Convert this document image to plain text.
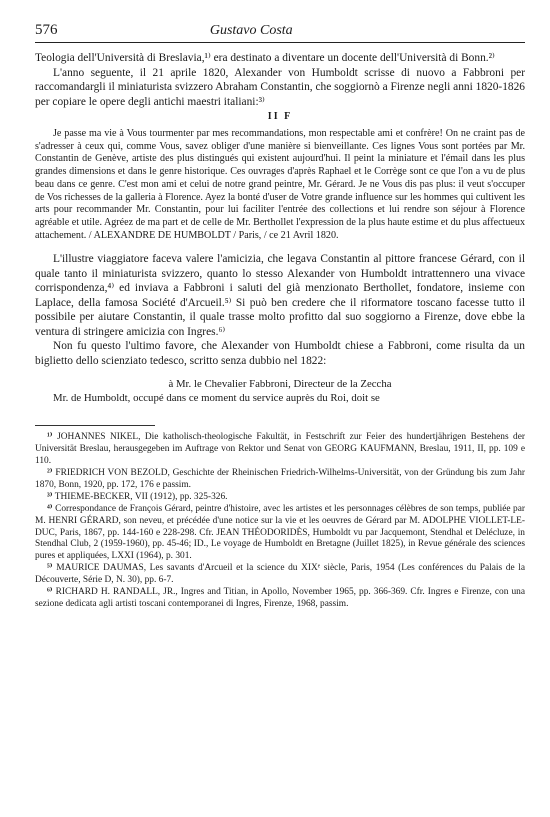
576	Gustavo Costa

Teologia dell'Università di Breslavia,¹⁾ era destinato a diventare un docente dell'Università di Bonn.²⁾

L'anno seguente, il 21 aprile 1820, Alexander von Humboldt scrisse di nuovo a Fabbroni per raccomandargli il miniaturista svizzero Abraham Constantin, che soggiornò a Firenze negli anni 1820-1826 per copiare le opere degli antichi maestri italiani:³⁾

II F

Je passe ma vie à Vous tourmenter par mes recommandations, mon respectable ami et confrère! On ne craint pas de s'adresser à ceux qui, comme Vous, savez obliger d'une manière si bienveillante. Ces lignes Vous sont portées par Mr. Constantin de Genève, artiste des plus distingués qui existent aujourd'hui. Il peint la miniature et l'émail dans les plus grandes dimensions et dans le genre historique. Ces ouvrages d'après Raphael et le Corrège sont ce que l'on a vu de plus beau dans ce genre. C'est mon ami et celui de notre grand peintre, Mr. Gérard. Je ne Vous dis pas plus: il veut s'occuper de Vos richesses de la galleria à Florence. Ayez la bonté d'user de Votre grande influence sur les hommes qui cultivent les arts pour recommander Mr. Constantin, pour lui faciliter l'entrée des collections et lui rendre son séjour à Florence agréable et utile. Agréez de ma part et de celle de Mr. Berthollet l'expression de la plus haute estime et du plus affectueux attachement. / ALEXANDRE DE HUMBOLDT / Paris, / ce 21 Avril 1820.

L'illustre viaggiatore faceva valere l'amicizia, che legava Constantin al pittore francese Gérard, con il quale tanto il miniaturista svizzero, quanto lo stesso Alexander von Humboldt intrattennero una vivace corrispondenza,⁴⁾ ed inviava a Fabbroni i saluti del già menzionato Berthollet, fondatore, insieme con Laplace, della famosa Société d'Arcueil.⁵⁾ Si può ben credere che il riformatore toscano facesse tutto il possibile per aiutare Constantin, il quale trasse molto profitto dal suo soggiorno a Firenze, dove ebbe la ventura di stringere amicizia con Ingres.⁶⁾

Non fu questo l'ultimo favore, che Alexander von Humboldt chiese a Fabbroni, come risulta da un biglietto dello scienziato tedesco, scritto senza dubbio nel 1822:

à Mr. le Chevalier Fabbroni, Directeur de la Zeccha

Mr. de Humboldt, occupé dans ce moment du service auprès du Roi, doit se

¹⁾ JOHANNES NIKEL, Die katholisch-theologische Fakultät, in Festschrift zur Feier des hundertjährigen Bestehens der Universität Breslau, herausgegeben im Auftrage von Rektor und Senat von GEORG KAUFMANN, Breslau, 1911, II, pp. 109 e 110.

²⁾ FRIEDRICH VON BEZOLD, Geschichte der Rheinischen Friedrich-Wilhelms-Universität, von der Gründung bis zum Jahr 1870, Bonn, 1920, pp. 172, 176 e passim.

³⁾ THIEME-BECKER, VII (1912), pp. 325-326.

⁴⁾ Correspondance de François Gérard, peintre d'histoire, avec les artistes et les personnages célèbres de son temps, publiée par M. HENRI GÉRARD, son neveu, et précédée d'une notice sur la vie et les oeuvres de Gérard par M. ADOLPHE VIOLLET-LE-DUC, Paris, 1867, pp. 144-160 e 228-298. Cfr. JEAN THÉODORIDÈS, Humboldt vu par Jacquemont, Stendhal et Delécluze, in Stendhal Club, 2 (1959-1960), pp. 45-46; ID., Le voyage de Humboldt en Bretagne (Juillet 1825), in Revue générale des sciences pures et appliquées, LXXI (1964), p. 301.

⁵⁾ MAURICE DAUMAS, Les savants d'Arcueil et la science du XIXᵉ siècle, Paris, 1954 (Les conférences du Palais de la Découverte, Série D, N. 30), pp. 6-7.

⁶⁾ RICHARD H. RANDALL, JR., Ingres and Titian, in Apollo, November 1965, pp. 366-369. Cfr. Ingres e Firenze, con una sezione dedicata agli artisti toscani contemporanei di Ingres, Firenze, 1968, passim.
